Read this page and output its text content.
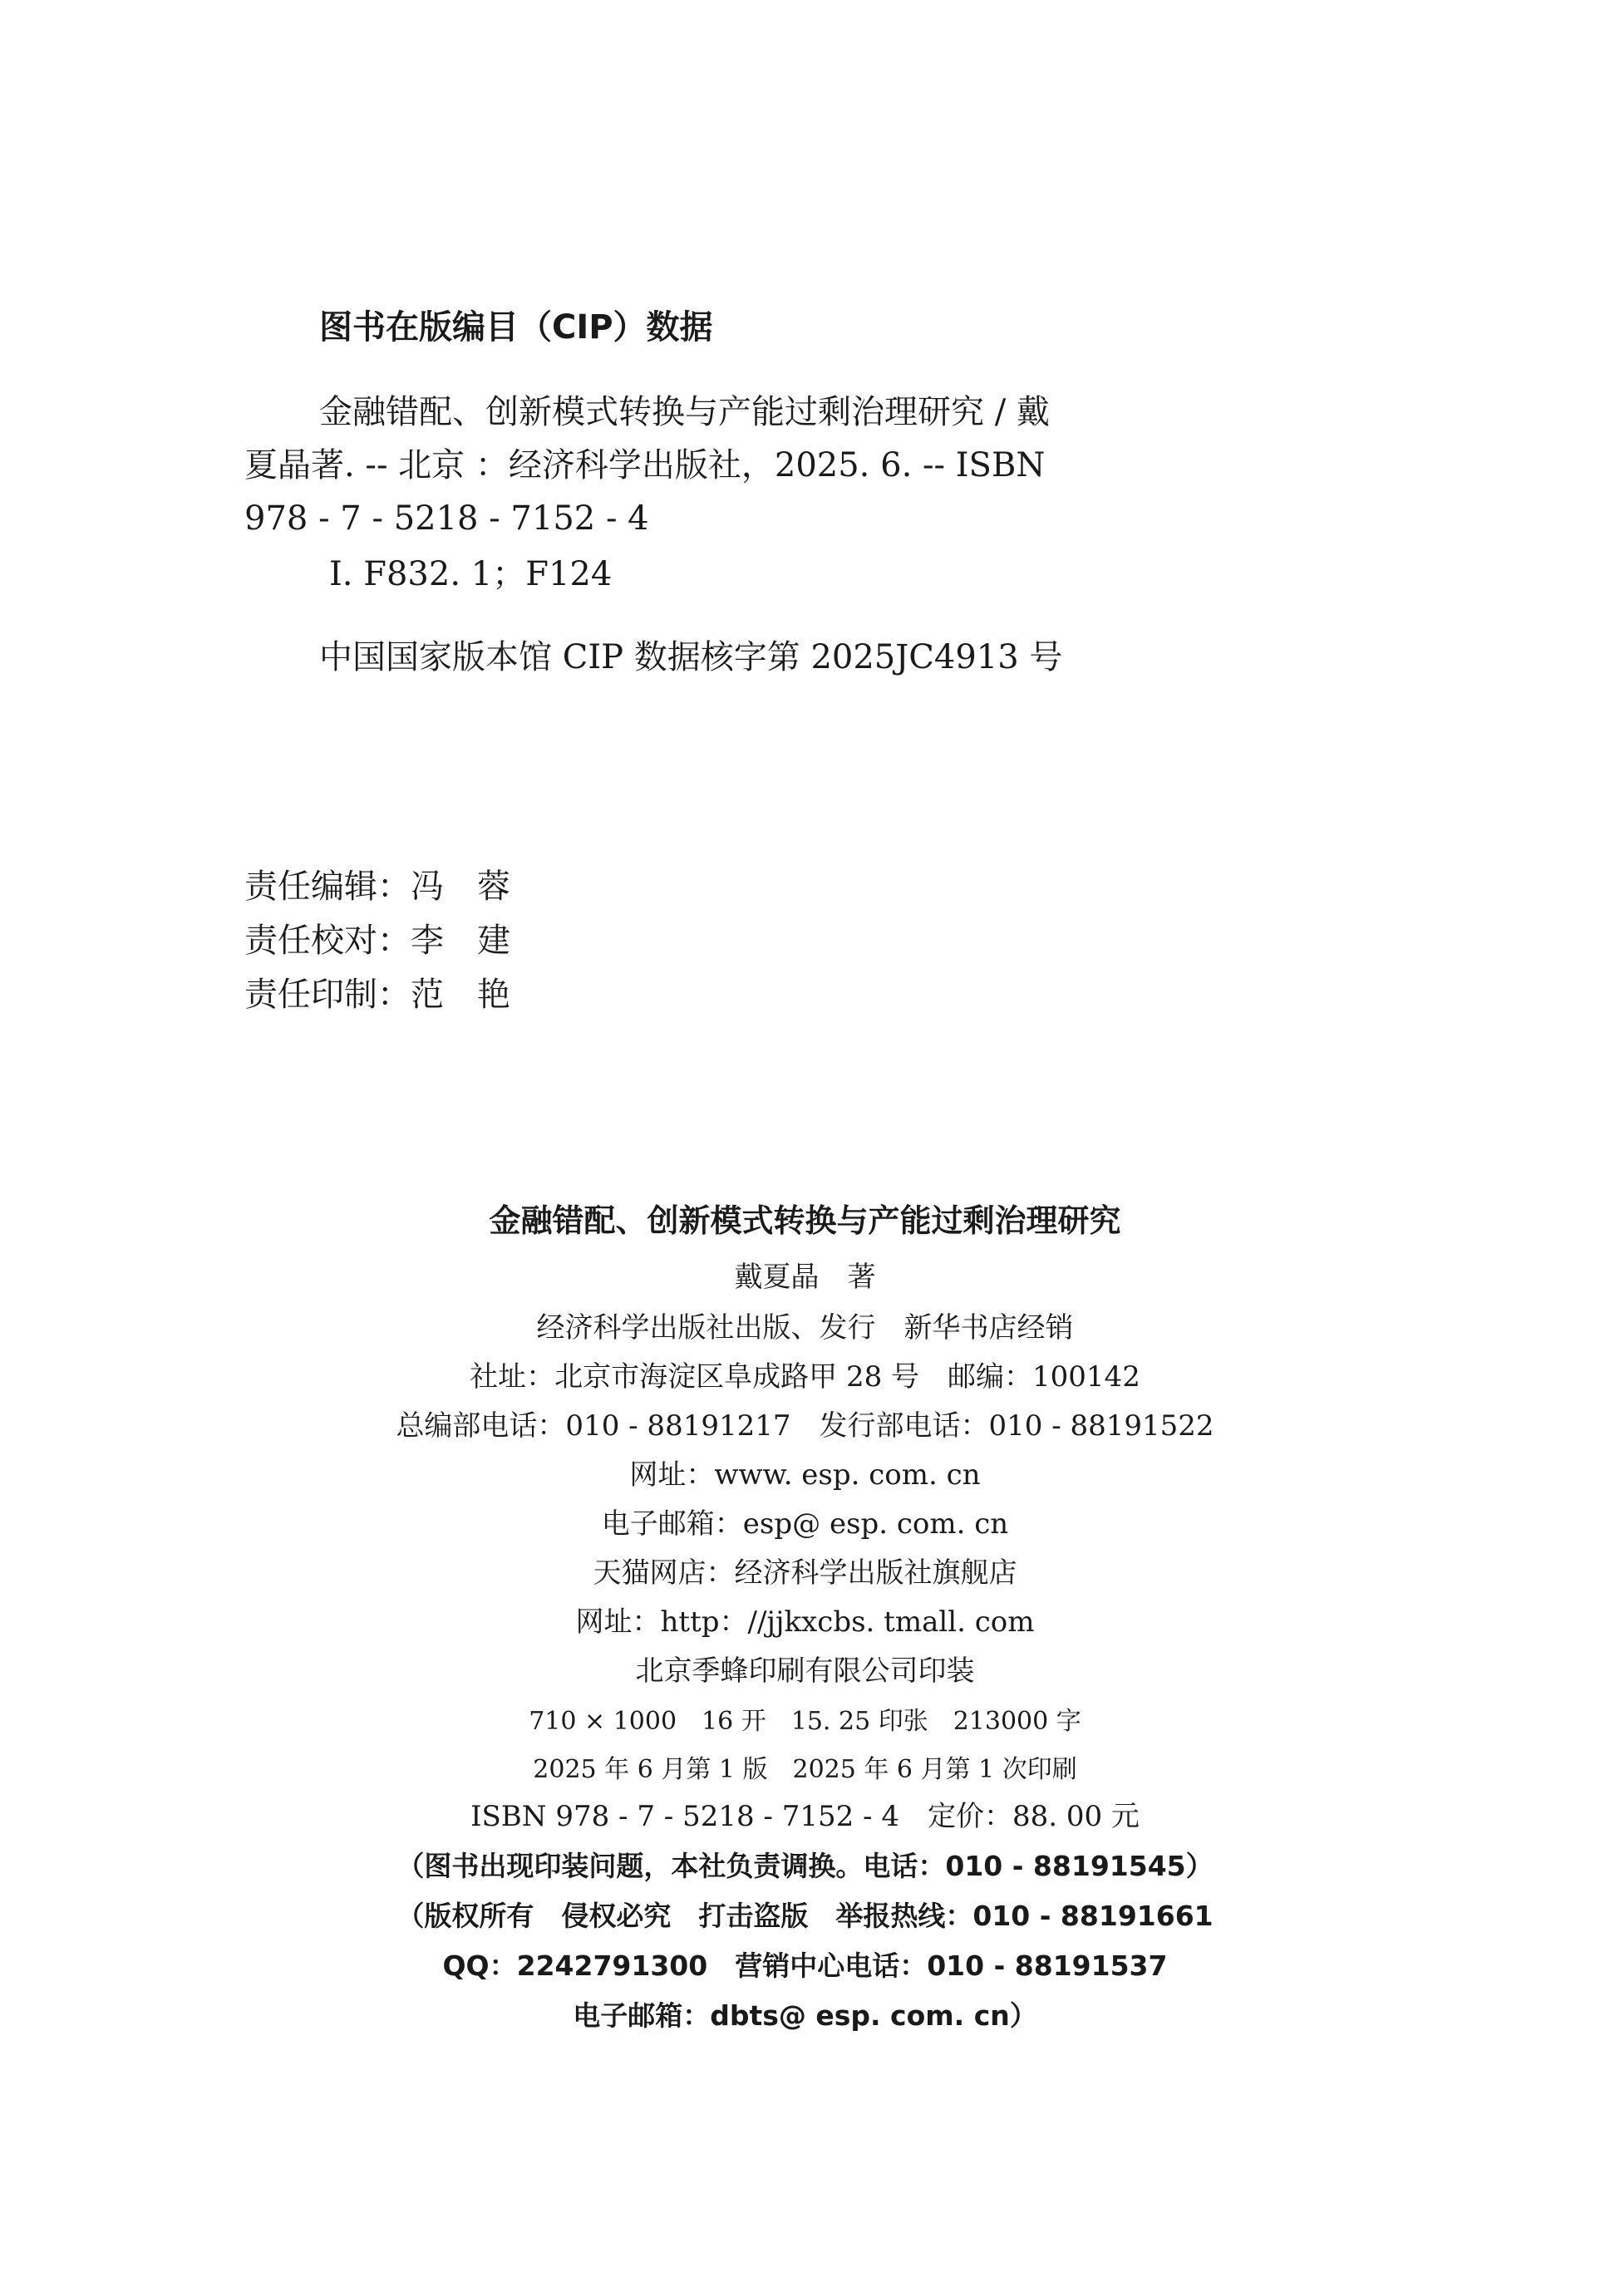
图书在版编目（CIP）数据
金融错配、创新模式转换与产能过剩治理研究 / 戴
夏晶著. -- 北京 ：经济科学出版社，2025. 6. -- ISBN
978 - 7 - 5218 - 7152 - 4
Ⅰ. F832. 1；F124
中国国家版本馆 CIP 数据核字第 2025JC4913 号
责任编辑：冯　蓉
责任校对：李　建
责任印制：范　艳
金融错配、创新模式转换与产能过剩治理研究
戴夏晶　著
经济科学出版社出版、发行　新华书店经销
社址：北京市海淀区阜成路甲 28 号　邮编：100142
总编部电话：010 - 88191217　发行部电话：010 - 88191522
网址：www. esp. com. cn
电子邮箱：esp@ esp. com. cn
天猫网店：经济科学出版社旗舰店
网址：http：//jjkxcbs. tmall. com
北京季蜂印刷有限公司印装
710 × 1000　16 开　15. 25 印张　213000 字
2025 年 6 月第 1 版　2025 年 6 月第 1 次印刷
ISBN 978 - 7 - 5218 - 7152 - 4　定价：88. 00 元
（图书出现印装问题，本社负责调换。电话：010 - 88191545）
（版权所有　侵权必究　打击盗版　举报热线：010 - 88191661
QQ：2242791300　营销中心电话：010 - 88191537
电子邮箱：dbts@ esp. com. cn）
